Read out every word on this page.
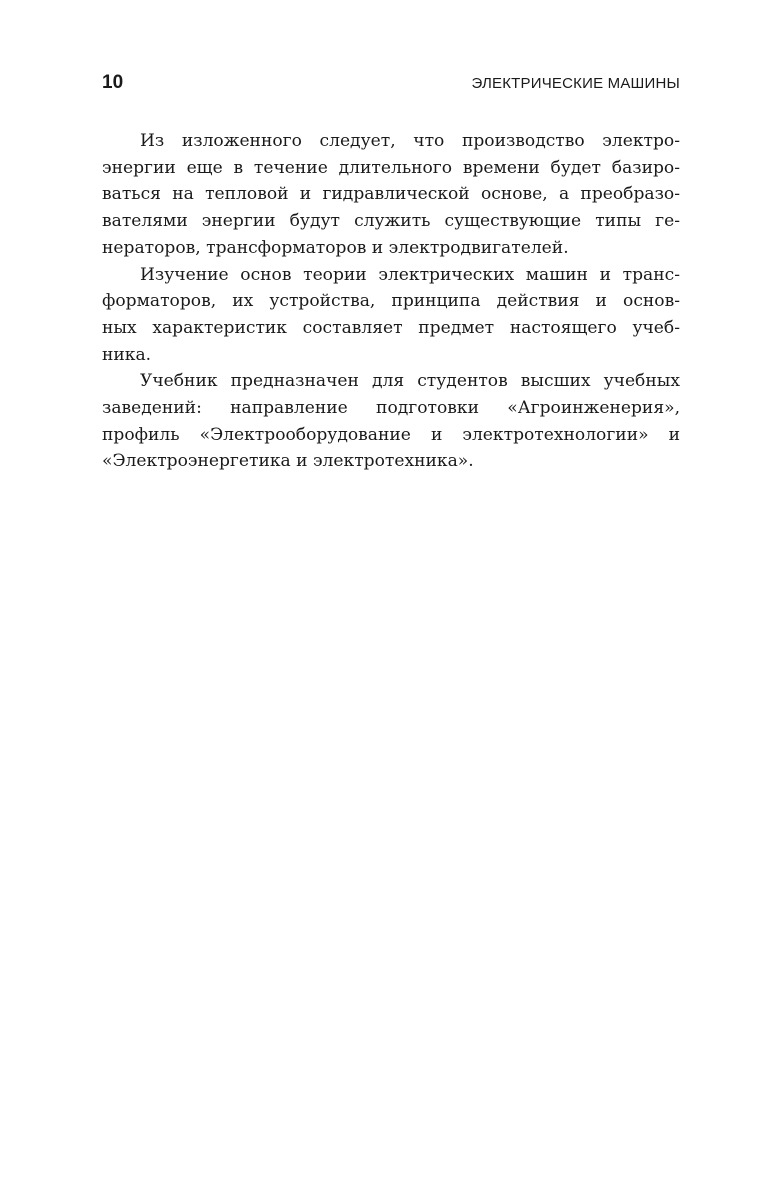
10	ЭЛЕКТРИЧЕСКИЕ МАШИНЫ

Из изложенного следует, что производство электро-
энергии еще в течение длительного времени будет базиро-
ваться на тепловой и гидравлической основе, а преобразо-
вателями энергии будут служить существующие типы ге-
нераторов, трансформаторов и электродвигателей.

Изучение основ теории электрических машин и транс-
форматоров, их устройства, принципа действия и основ-
ных характеристик составляет предмет настоящего учеб-
ника.

Учебник предназначен для студентов высших учебных
заведений: направление подготовки «Агроинженерия»,
профиль «Электрооборудование и электротехнологии» и
«Электроэнергетика и электротехника».
